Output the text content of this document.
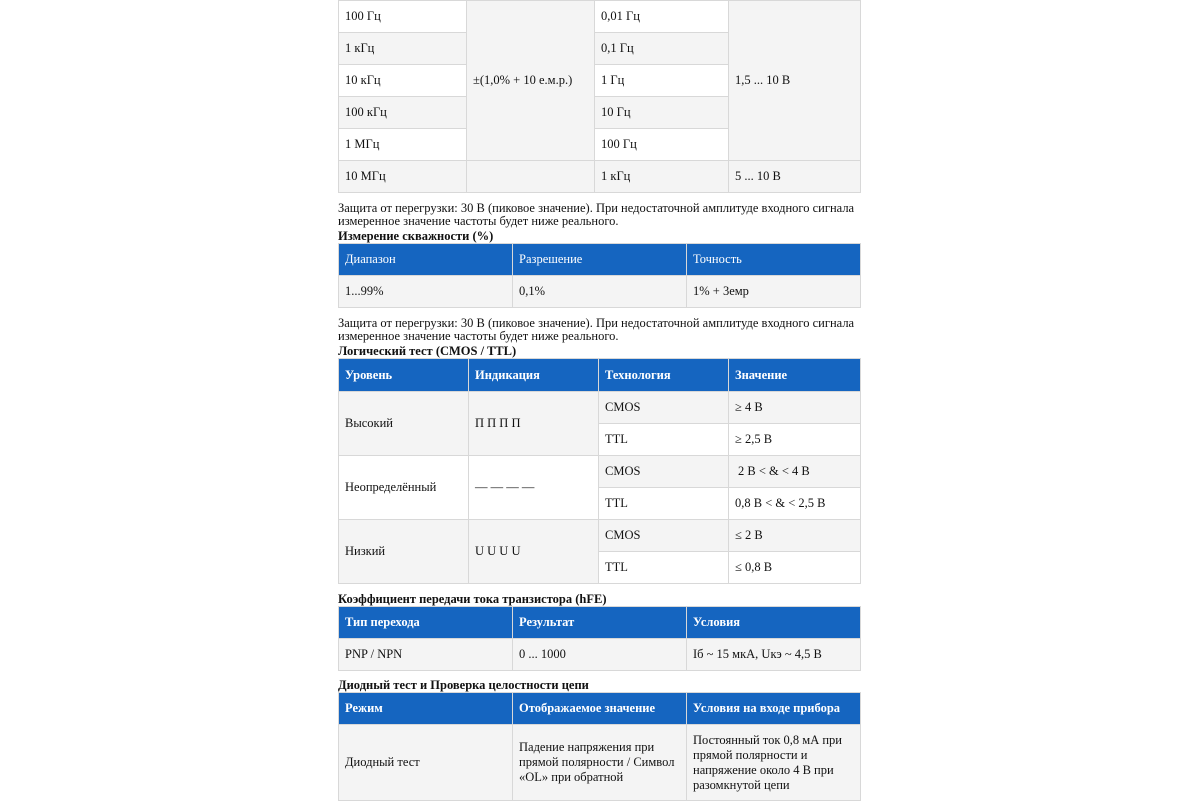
100 Гц	±(1,0% + 10 е.м.р.)	0,01 Гц	1,5 ... 10 В
1 кГц		0,1 Гц	
10 кГц		1 Гц	
100 кГц		10 Гц	
1 МГц		100 Гц	
10 МГц		1 кГц	5 ... 10 В
Защита от перегрузки: 30 В (пиковое значение). При недостаточной амплитуде входного сигнала измеренное значение частоты будет ниже реального.
Измерение скважности (%)
Диапазон	Разрешение	Точность
1...99%	0,1%	1% + 3емр
Защита от перегрузки: 30 В (пиковое значение). При недостаточной амплитуде входного сигнала измеренное значение частоты будет ниже реального.
Логический тест (CMOS / TTL)
Уровень	Индикация	Технология	Значение
Высокий	П П П П	CMOS	≥ 4 В
		TTL	≥ 2,5 В
Неопределённый	— — — —	CMOS	2 В < & < 4 В
		TTL	0,8 В < & < 2,5 В
Низкий	U U U U	CMOS	≤ 2 В
		TTL	≤ 0,8 В
Коэффициент передачи тока транзистора (hFE)
Тип перехода	Результат	Условия
PNP / NPN	0 ... 1000	Iб ~ 15 мкА, Uкэ ~ 4,5 В
Диодный тест и Проверка целостности цепи
Режим	Отображаемое значение	Условия на входе прибора
Диодный тест	Падение напряжения при прямой полярности / Символ «OL» при обратной	Постоянный ток 0,8 мА при прямой полярности и напряжение около 4 В при разомкнутой цепи
